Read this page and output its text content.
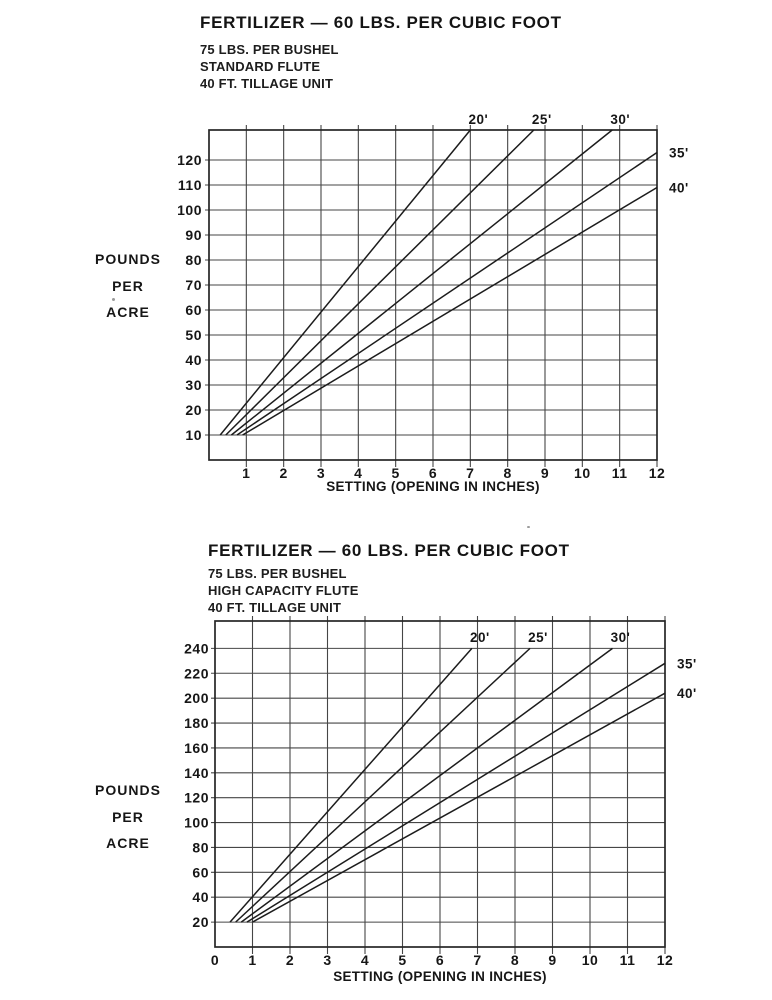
FERTILIZER — 60 LBS. PER CUBIC FOOT
75 LBS. PER BUSHEL
STANDARD FLUTE
40 FT. TILLAGE UNIT
POUNDS
PER
ACRE
20'	25'	30'
35'
40'
10
20
30
40
50
60
70
80
90
100
110
120
1 2 3 4 5 6 7 8 9 10 11 12
SETTING (OPENING IN INCHES)
FERTILIZER — 60 LBS. PER CUBIC FOOT
75 LBS. PER BUSHEL
HIGH CAPACITY FLUTE
40 FT. TILLAGE UNIT
POUNDS
PER
ACRE
20'	25'	30'
35'
40'
20
40
60
80
100
120
140
160
180
200
220
240
0 1 2 3 4 5 6 7 8 9 10 11 12
SETTING (OPENING IN INCHES)
